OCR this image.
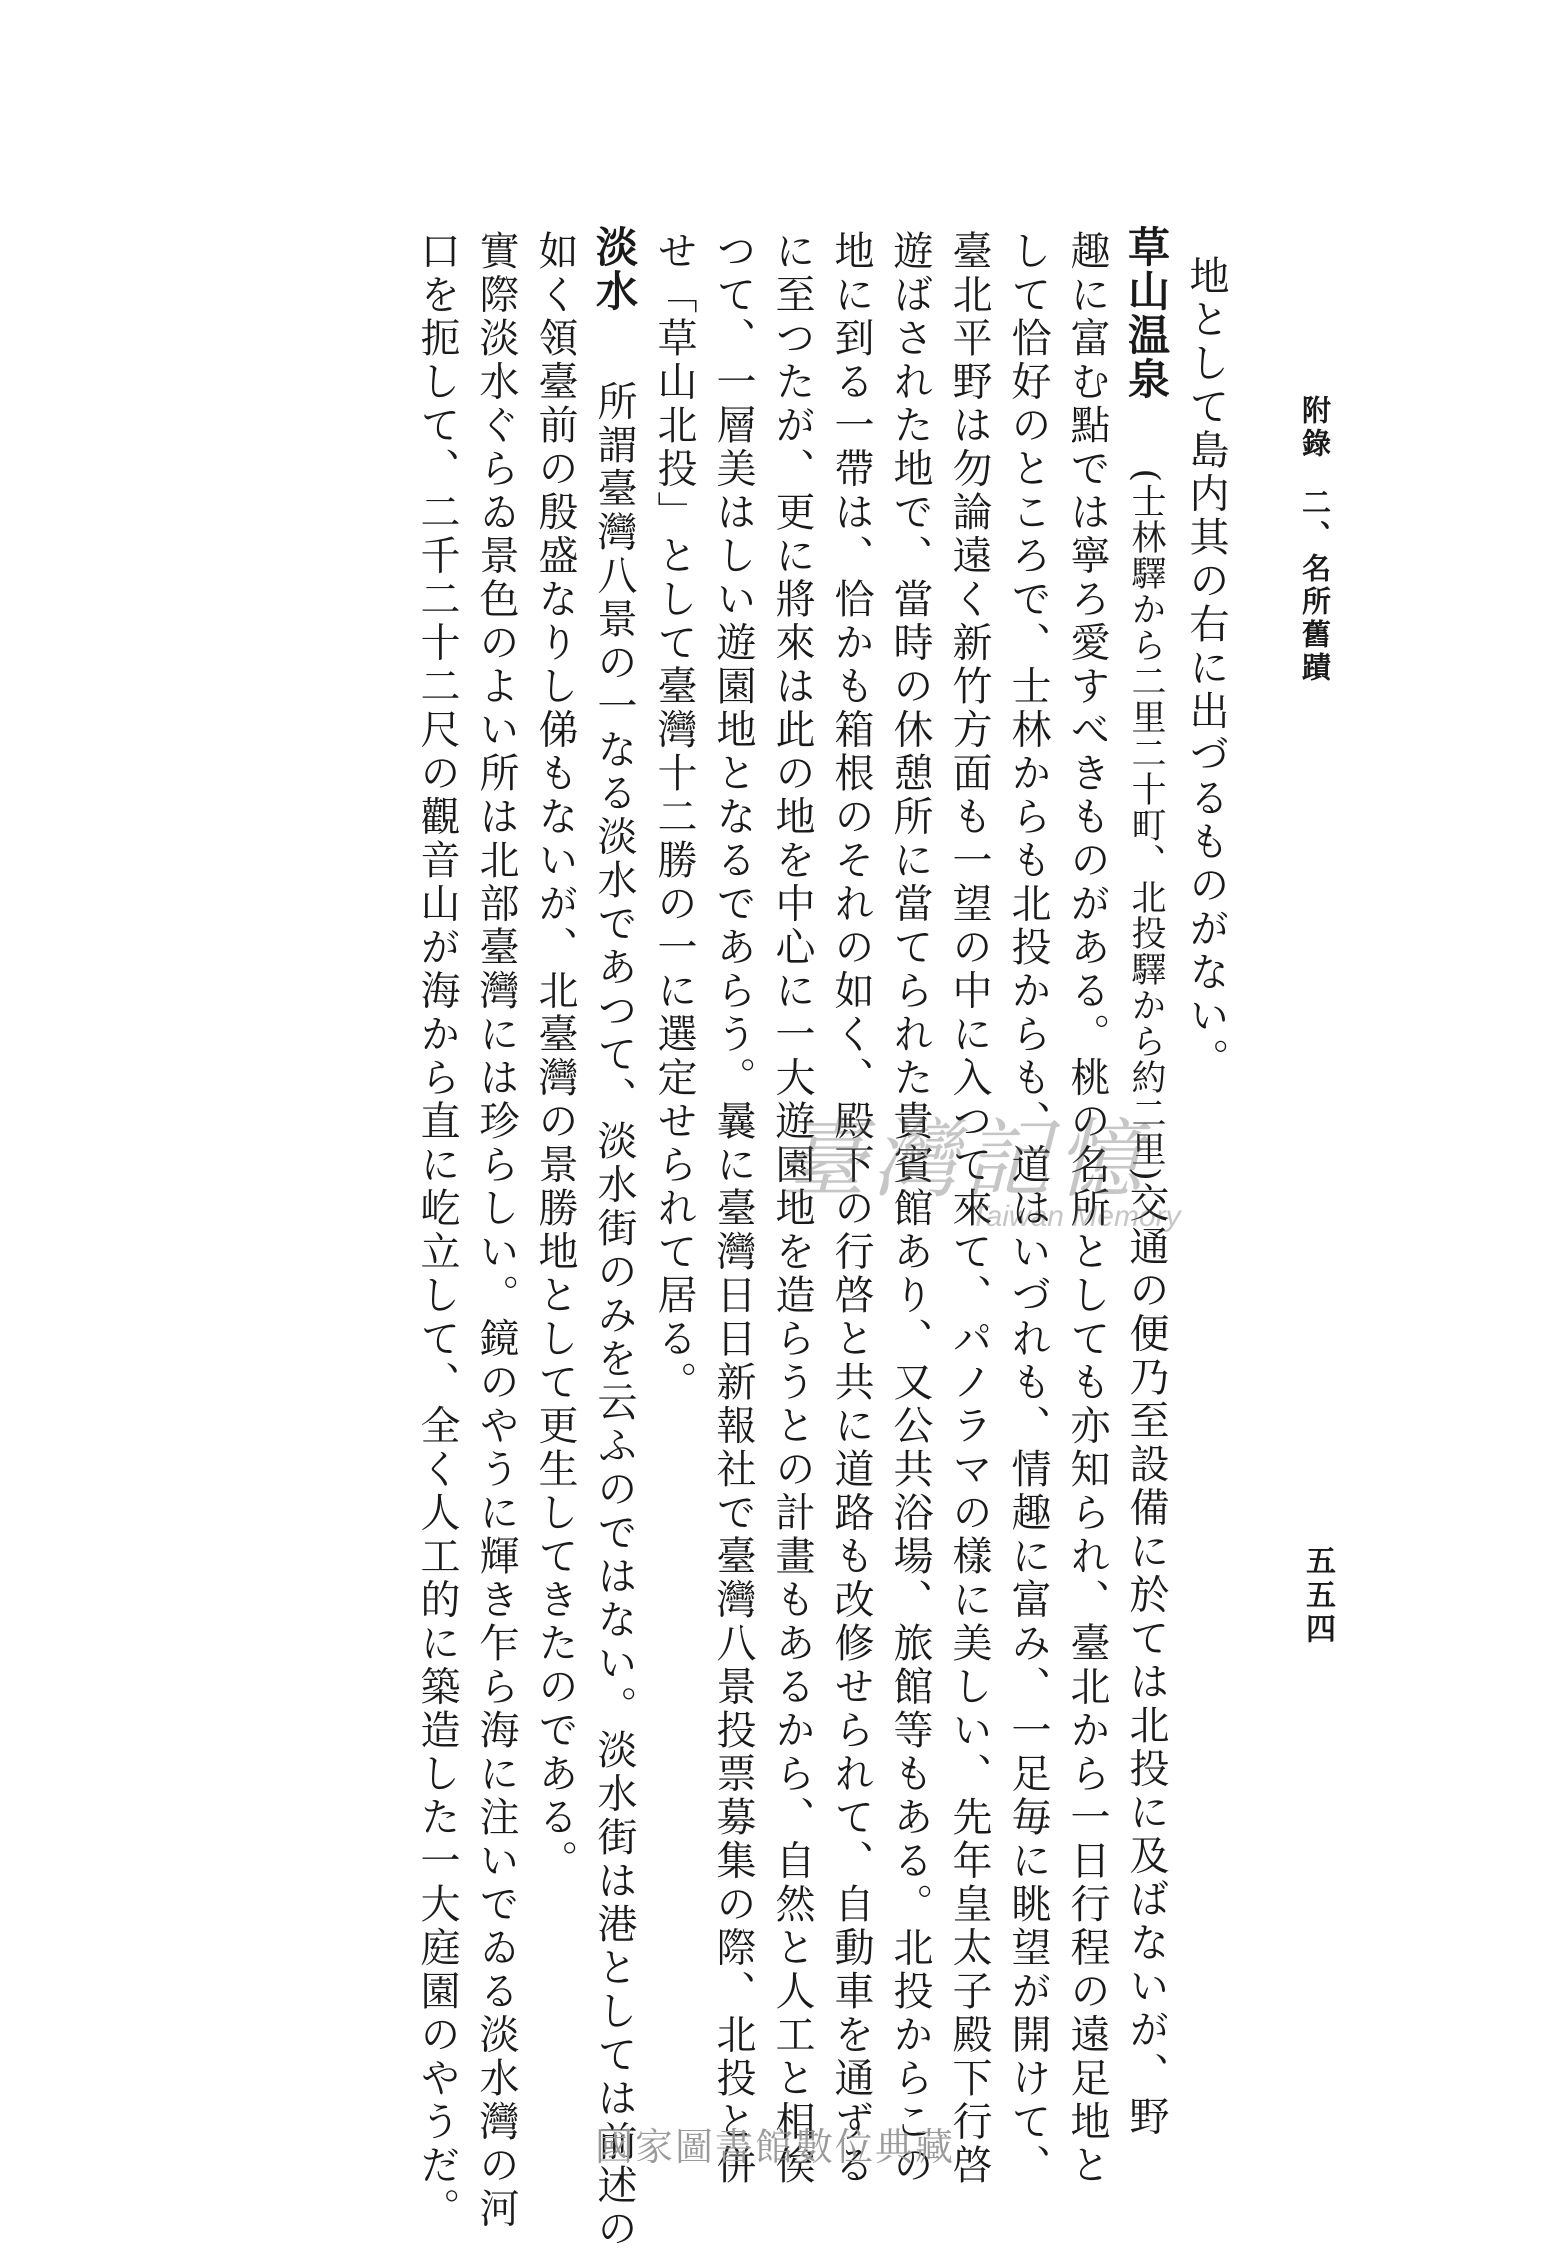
附錄二、名所舊蹟
五五四

地として島内其の右に出づるものがない。

草山温泉　(士林驛から二里二十町、北投驛から約二里)交通の便乃至設備に於ては北投に及ばないが、野

趣に富む點では寧ろ愛すべきものがある。桃の名所としても亦知られ、臺北から一日行程の遠足地と

して恰好のところで、士林からも北投からも、道はいづれも、情趣に富み、一足毎に眺望が開けて、

臺北平野は勿論遠く新竹方面も一望の中に入つて來て、パノラマの樣に美しい、先年皇太子殿下行啓

遊ばされた地で、當時の休憩所に當てられた貴賓館あり、又公共浴場、旅館等もある。北投からこの

地に到る一帶は、恰かも箱根のそれの如く、殿下の行啓と共に道路も改修せられて、自動車を通ずる

に至つたが、更に將來は此の地を中心に一大遊園地を造らうとの計畫もあるから、自然と人工と相俟

つて、一層美はしい遊園地となるであらう。曩に臺灣日日新報社で臺灣八景投票募集の際、北投と併

せ「草山北投」として臺灣十二勝の一に選定せられて居る。

淡水　所謂臺灣八景の一なる淡水であつて、淡水街のみを云ふのではない。淡水街は港としては前述の

如く領臺前の殷盛なりし俤もないが、北臺灣の景勝地として更生してきたのである。

實際淡水ぐらゐ景色のよい所は北部臺灣には珍らしい。鏡のやうに輝き乍ら海に注いでゐる淡水灣の河

口を扼して、二千二十二尺の觀音山が海から直に屹立して、全く人工的に築造した一大庭園のやうだ。	臺灣記憶
Taiwan Memory
國家圖書館數位典藏
